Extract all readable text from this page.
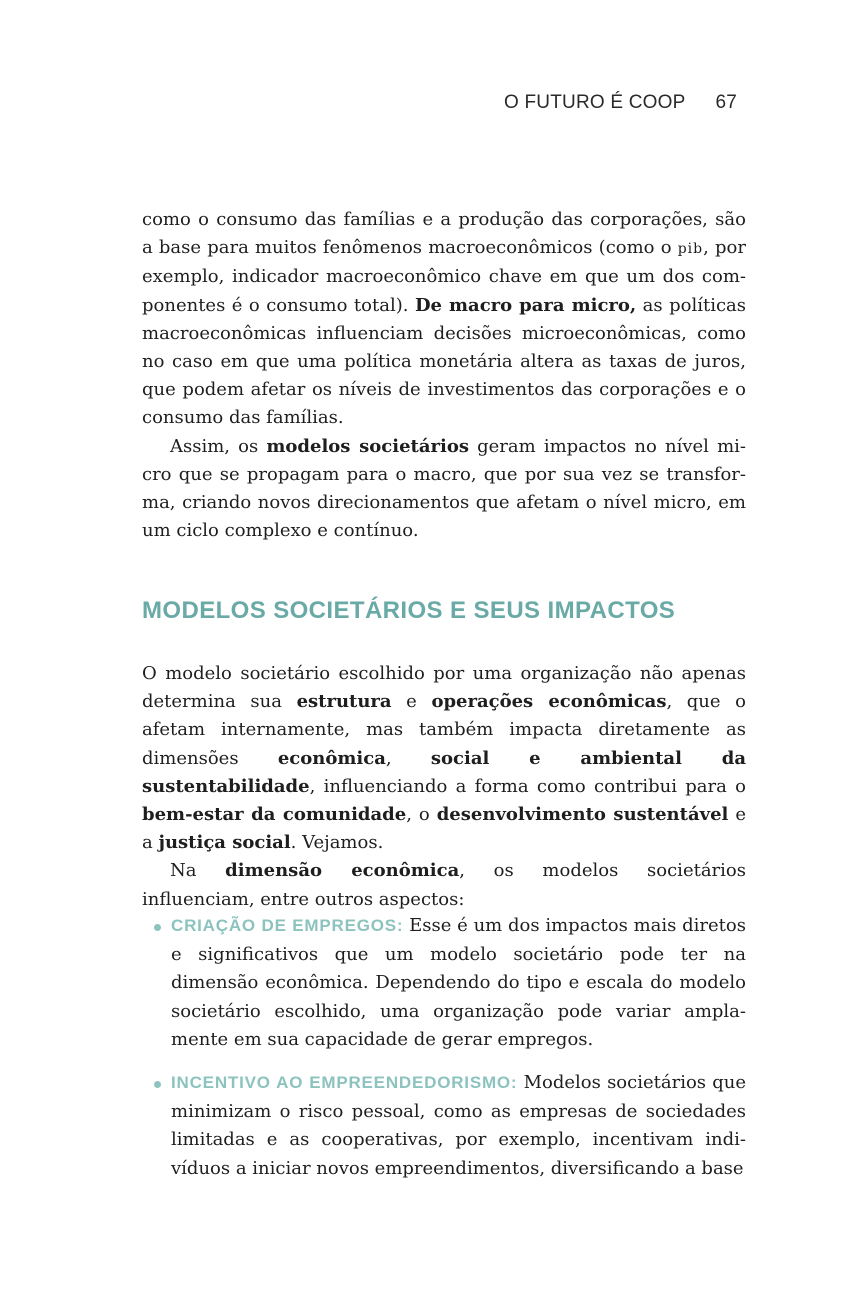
O FUTURO É COOP 67

como o consumo das famílias e a produção das corporações, são a base para muitos fenômenos macroeconômicos (como o pib, por exemplo, indicador macroeconômico chave em que um dos componentes é o consumo total). De macro para micro, as políticas macroeconômicas influenciam decisões microeconômicas, como no caso em que uma política monetária altera as taxas de juros, que podem afetar os níveis de investimentos das corporações e o consumo das famílias.

Assim, os modelos societários geram impactos no nível micro que se propagam para o macro, que por sua vez se transforma, criando novos direcionamentos que afetam o nível micro, em um ciclo complexo e contínuo.

MODELOS SOCIETÁRIOS E SEUS IMPACTOS

O modelo societário escolhido por uma organização não apenas determina sua estrutura e operações econômicas, que o afetam internamente, mas também impacta diretamente as dimensões econômica, social e ambiental da sustentabilidade, influenciando a forma como contribui para o bem-estar da comunidade, o desenvolvimento sustentável e a justiça social. Vejamos.

Na dimensão econômica, os modelos societários influenciam, entre outros aspectos:

CRIAÇÃO DE EMPREGOS: Esse é um dos impactos mais diretos e significativos que um modelo societário pode ter na dimensão econômica. Dependendo do tipo e escala do modelo societário escolhido, uma organização pode variar amplamente em sua capacidade de gerar empregos.
INCENTIVO AO EMPREENDEDORISMO: Modelos societários que minimizam o risco pessoal, como as empresas de sociedades limitadas e as cooperativas, por exemplo, incentivam indivíduos a iniciar novos empreendimentos, diversificando a base
